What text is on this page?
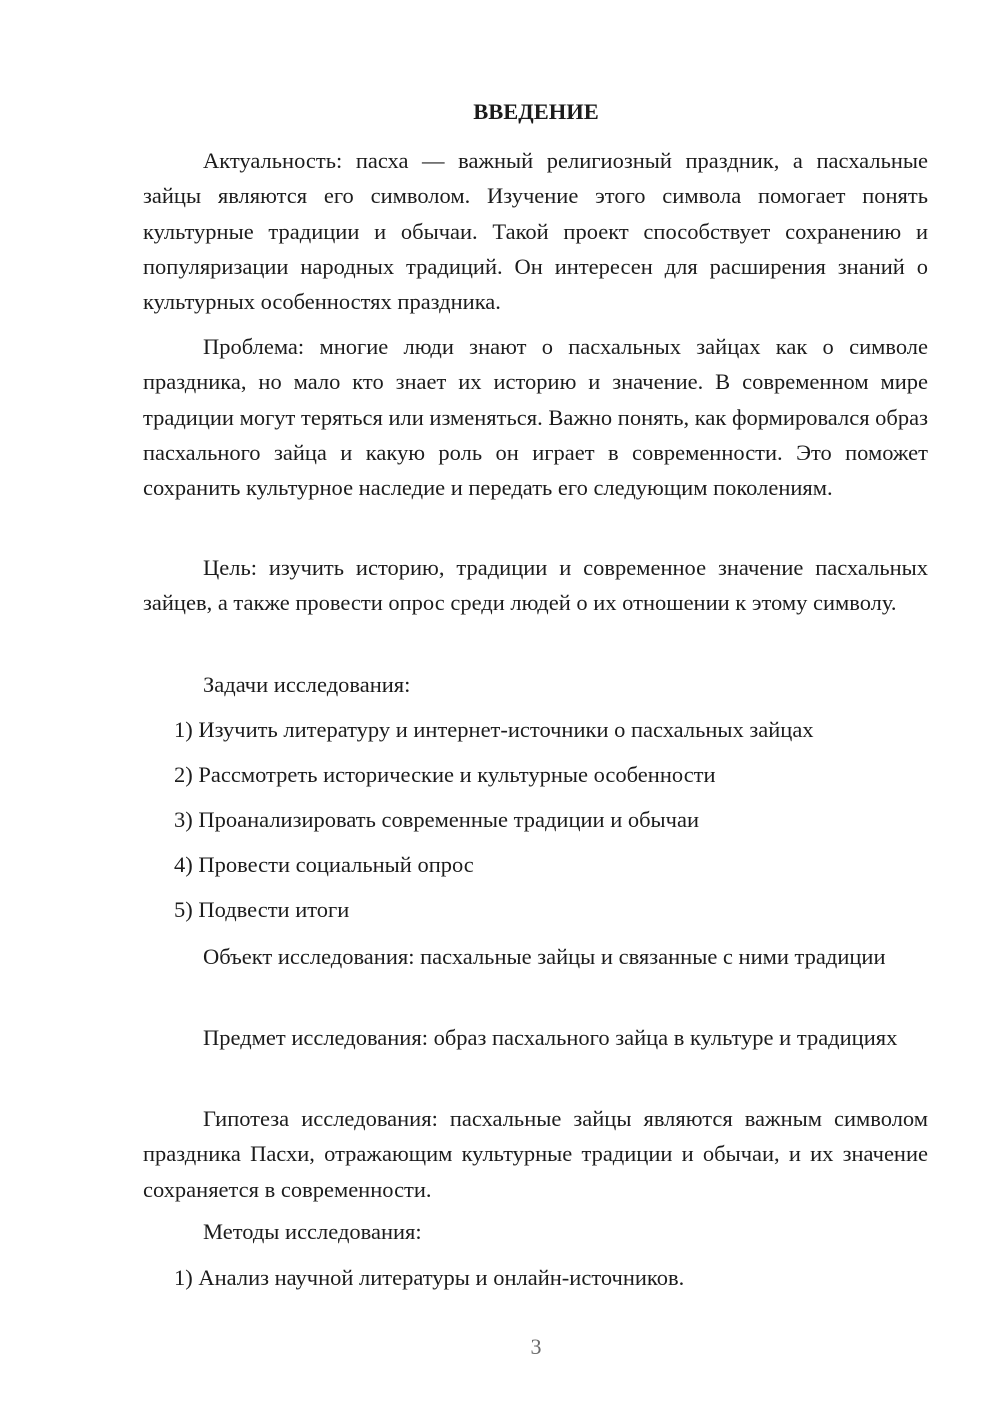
ВВЕДЕНИЕ

Актуальность: пасха — важный религиозный праздник, а пасхальные зайцы являются его символом. Изучение этого символа помогает понять культурные традиции и обычаи. Такой проект способствует сохранению и популяризации народных традиций. Он интересен для расширения знаний о культурных особенностях праздника.

Проблема: многие люди знают о пасхальных зайцах как о символе праздника, но мало кто знает их историю и значение. В современном мире традиции могут теряться или изменяться. Важно понять, как формировался образ пасхального зайца и какую роль он играет в современности. Это поможет сохранить культурное наследие и передать его следующим поколениям.

Цель: изучить историю, традиции и современное значение пасхальных зайцев, а также провести опрос среди людей о их отношении к этому символу.

Задачи исследования:
1) Изучить литературу и интернет-источники о пасхальных зайцах
2) Рассмотреть исторические и культурные особенности
3) Проанализировать современные традиции и обычаи
4) Провести социальный опрос
5) Подвести итоги

Объект исследования: пасхальные зайцы и связанные с ними традиции

Предмет исследования: образ пасхального зайца в культуре и традициях

Гипотеза исследования: пасхальные зайцы являются важным символом праздника Пасхи, отражающим культурные традиции и обычаи, и их значение сохраняется в современности.

Методы исследования:
1) Анализ научной литературы и онлайн-источников.
3
